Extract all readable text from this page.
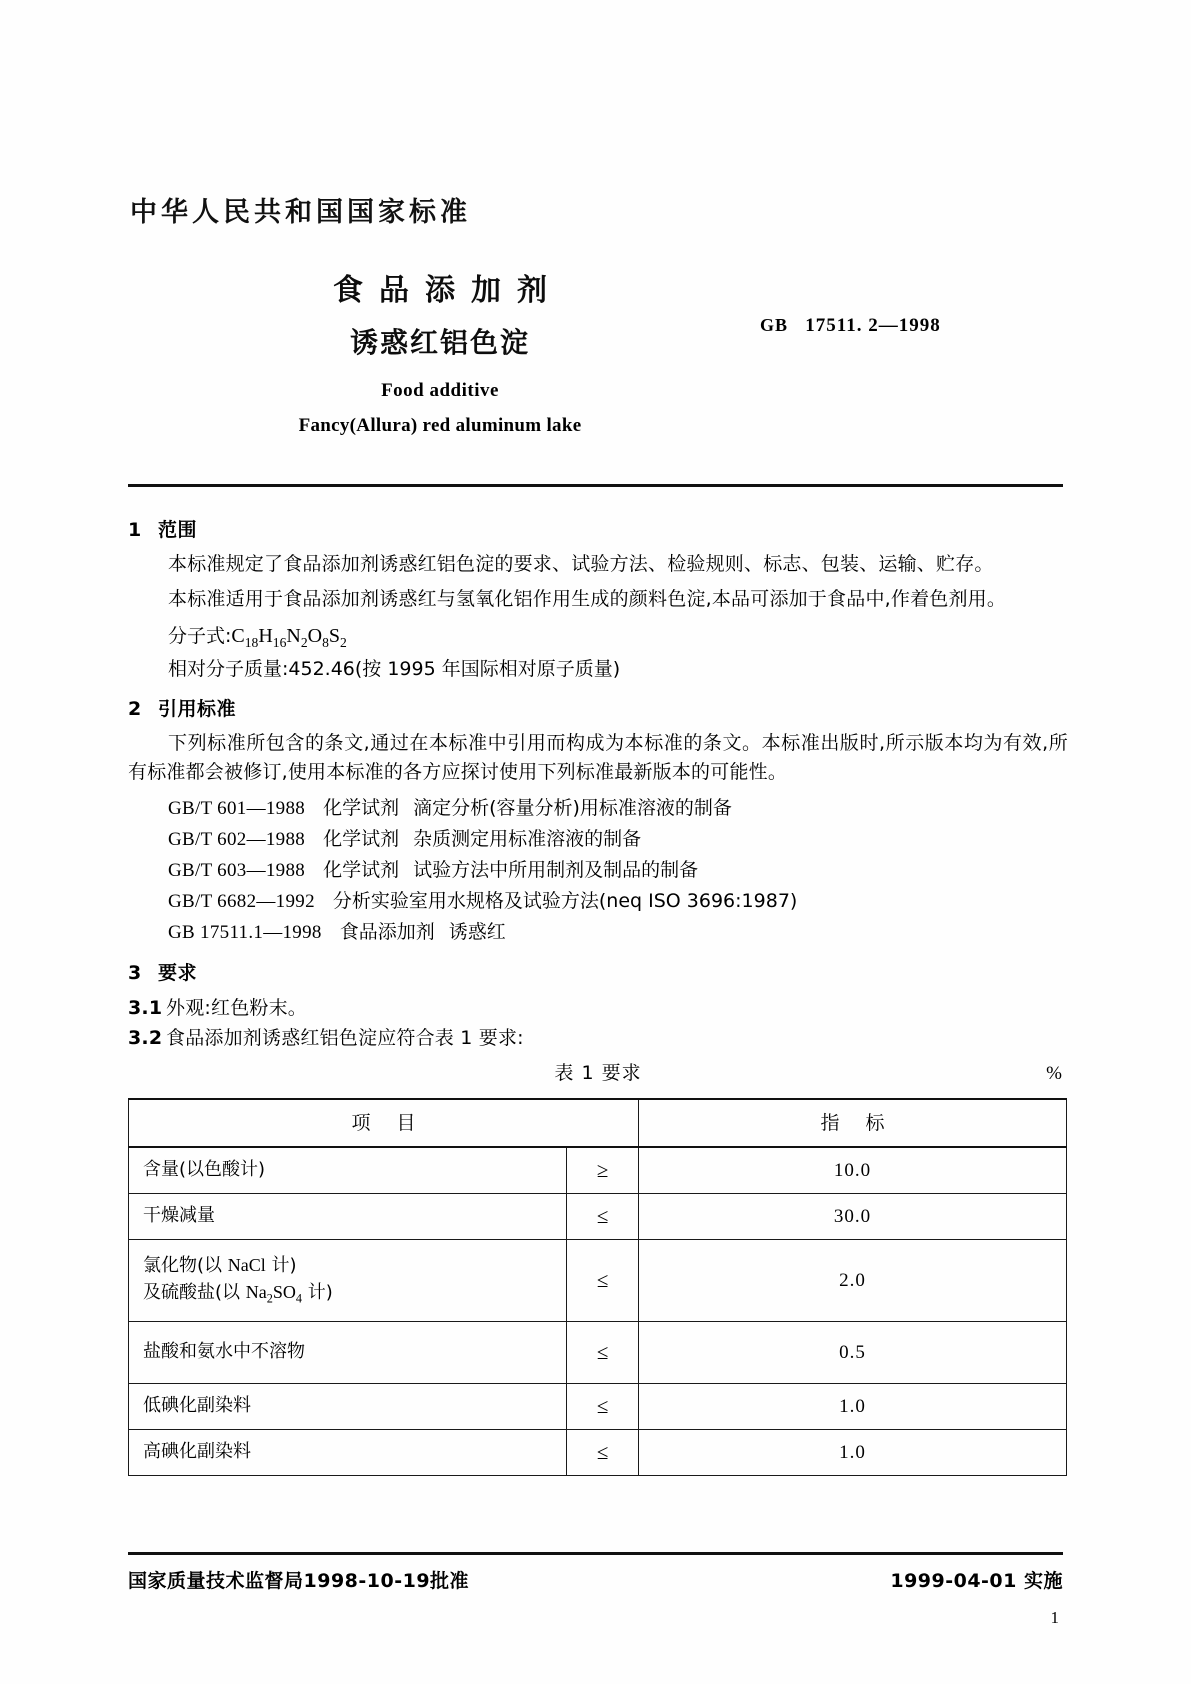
中华人民共和国国家标准
食品添加剂
诱惑红铝色淀
GB 17511. 2—1998
Food additive
Fancy(Allura) red aluminum lake
1 范围

本标准规定了食品添加剂诱惑红铝色淀的要求、试验方法、检验规则、标志、包装、运输、贮存。

本标准适用于食品添加剂诱惑红与氢氧化铝作用生成的颜料色淀,本品可添加于食品中,作着色剂用。

分子式$:C_{18}H_{16}N_2O_8S_2$
相对分子质量:452.46(按 1995 年国际相对原子质量)
2 引用标准

下列标准所包含的条文,通过在本标准中引用而构成为本标准的条文。本标准出版时,所示版本均为有效,所有标准都会被修订,使用本标准的各方应探讨使用下列标准最新版本的可能性。

GB/T 601—1988 化学试剂 滴定分析(容量分析)用标准溶液的制备
GB/T 602—1988 化学试剂 杂质测定用标准溶液的制备
GB/T 603—1988 化学试剂 试验方法中所用制剂及制品的制备
GB/T 6682—1992 分析实验室用水规格及试验方法(neq ISO 3696:1987)
GB 17511.1—1998 食品添加剂 诱惑红
3 要求
3.1 外观:红色粉末。
3.2 食品添加剂诱惑红铝色淀应符合表 1 要求:
表 1 要求	%
项 目		指 标
含量(以色酸计)	≥	10.0
干燥减量	≤	30.0

氯化物(以 NaCl 计)
及硫酸盐(以 $Na_2SO_4$ 计)	≤	2.0
盐酸和氨水中不溶物	≤	0.5
低碘化副染料	≤	1.0
高碘化副染料	≤	1.0
国家质量技术监督局1998-10-19批准	1999-04-01 实施
1
